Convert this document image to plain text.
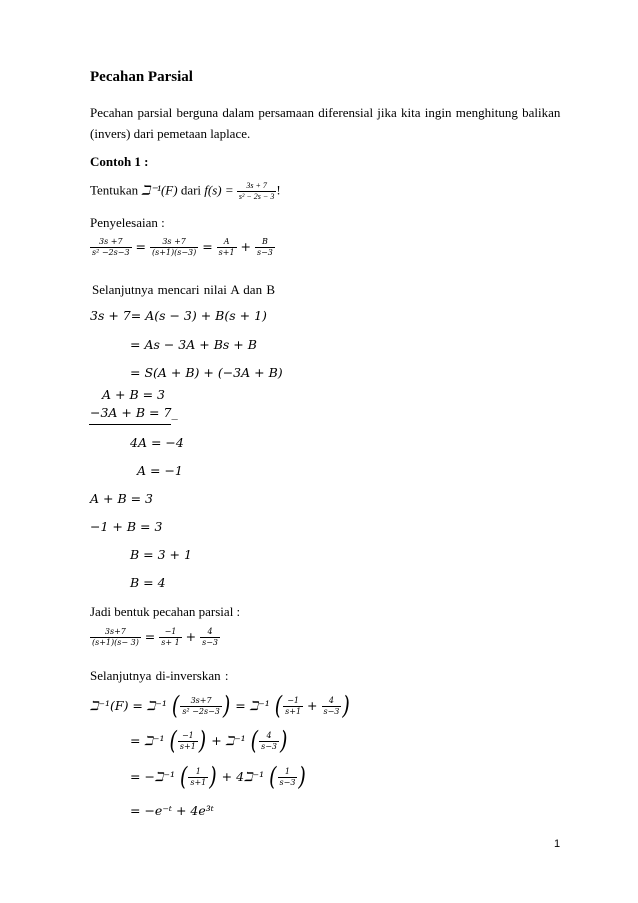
Pecahan Parsial
Pecahan parsial berguna dalam persamaan diferensial jika kita ingin menghitung balikan
(invers) dari pemetaan laplace.
Contoh 1 :
Tentukan ℶ⁻¹(F) dari $f(s) = \frac{3s + 7}{\text{s² − 2s − 3}}$ !
Penyelesaian :
$\frac{3s +7}{\text{s² −2s−3}} = \frac{3s +7}{(s+1)(s-3)} = \frac{A}{s+1} + \frac{B}{s-3}$
Selanjutnya mencari nilai A dan B
3s + 7= A(s − 3) + B(s + 1)
= As − 3A + Bs + B
= S(A + B) + (−3A + B)
A + B = 3
−3A + B = 7_
4A = −4
A = −1
A + B = 3
−1 + B = 3
B = 3 + 1
B = 4
Jadi bentuk pecahan parsial :
$\frac{3s+7}{(s+1)(s- 3)} = \frac{-1}{s+ 1} + \frac{4}{s-3}$
Selanjutnya di-inverskan :
ℶ⁻¹(F) = ℶ⁻¹ ( $\frac{3s+7}{\text{s² −2s−3}}$ ) = ℶ⁻¹ ( $\frac{-1}{s+1} + \frac{4}{s-3}$ )
= ℶ⁻¹ ( $\frac{-1}{s+1}$ ) + ℶ⁻¹ ( $\frac{4}{s-3}$ )
= −ℶ⁻¹ ( $\frac{1}{s+1}$ ) + 4ℶ⁻¹ ( $\frac{1}{s-3}$ )
= −e⁻ᵗ + 4e³ᵗ
1
